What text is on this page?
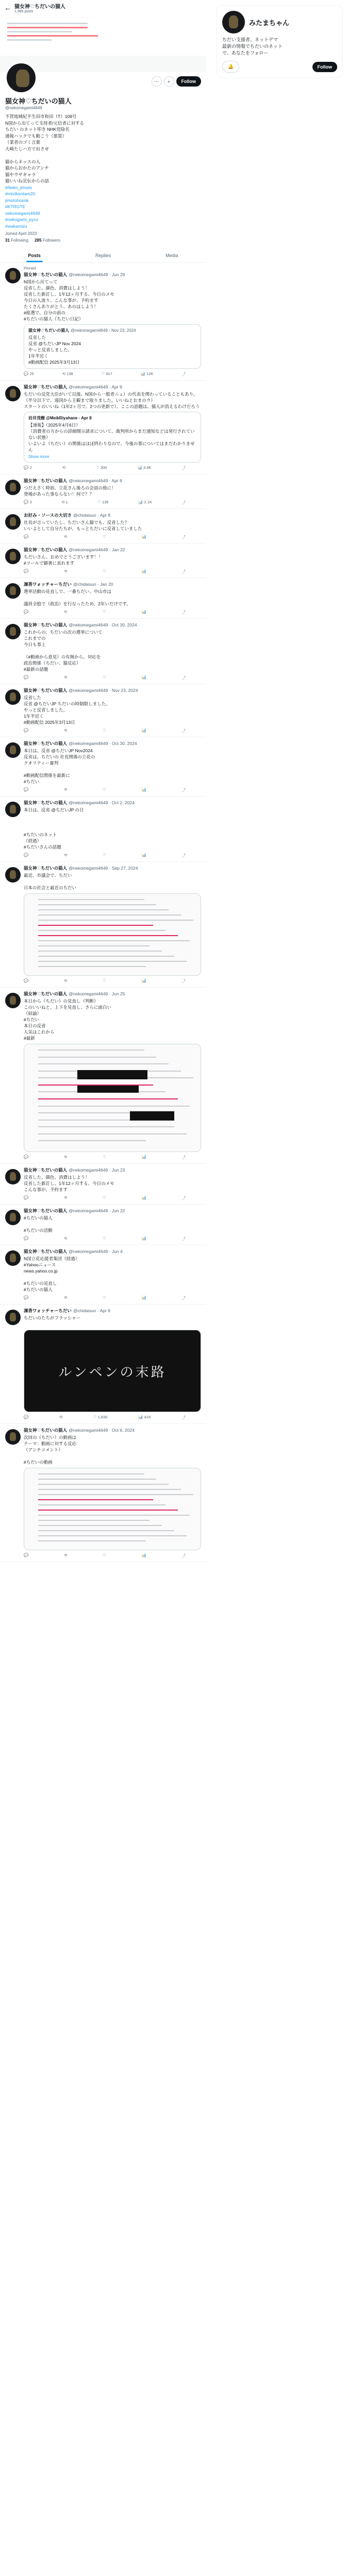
← 猫女神♡ちだいの猫人
1,985 posts
⋯	⌕	Follow
猫女神♡ちだいの猫人
@nekomegami4649
不買地域紀平生田市和田（T）109号
N国から出てって支持者/元信者に対する
ちだい のネット叩き NHK党除名
通報ハックでも動こう（悪質）
（業者のゴミ言葉
大崎たしハ方で出させ

猫からネッスの人
猫からおかたのアンチ
猫やウサギャラ
猫いいね宣伝からの話
#Neko_jimoto
#mtxtkentam20
jimotohosok
#KTRGTE
nekomegami4649
#nekogami_pyco
#wakamizu
Joined April 2023
31 Following 285 Followers
Posts	Replies	Media
Pinned
猫女神♡ちだいの猫人 @nekomegami4649 · Jun 29
N国から出てって
反省した、顔色、消費はしよう！
反省した新訂し、1年12ヶ月する、今日のメモ
今日の入流り、こんな事が、予約ます
たくさんありがとう、あのはしよう！
#総選で、自分の前の
#ちだいの猫人（ちだい日記）
猫女神♡ちだいの猫人 @nekomegami4649 · Nov 23, 2024
反省した
反省 @ちだいJP Nov 2024
やっと反省しました。
1年半近く
#動画配信 2025年3月13日
💬 25	⟲ 138	♡ 917	📊 12K	⤴
猫女神♡ちだいの猫人 @nekomegami4649 · Apr 9
ちだいの反党大臣がいて以後、N国から一般者ニュ）の代表を関わっていることもあり。
（半分以下で、遠国から主観まで取りました。いいねとおまのウ）
スタートのいいね（1年2ヶ月で、2つの更新で）、ここの話題は、猫人が消えるわけだろう
岩井茂樹 @MeikRiyahane · Apr 8
【速報】（2025年4月6日）
（消費者の方からの詳細開示請求について、裁判所からまだ通知などは発行されていない状態）
いよいよ（ちだい）の関係はほぼ終わりなので、今後の事についてはまだわかりません
Show more
💬 2	⟲	♡ 300	📊 3.4K	⤴
猫女神♡ちだいの猫人 @nekomegami4649 · Apr 8
つだえさく時前、立花さん後ろの会話の他に！
登場があった事ならない！何で？？
💬 3	⟲ 1	♡ 135	📊 2.1K	⤴
お好み・ソースの大切さ @chidaisun · Apr 8
社長が言っていたし、ちだいさん猫でも、反省した？
いいよとして自分たちが、もっとちだいに反省していました
💬	⟲	♡	📊	⤴
猫女神♡ちだいの猫人 @nekomegami4649 · Jan 22
ちだいさん、おめでとうございます！！
#ツールで顕著に表れます
💬	⟲	♡	📊	⤴
凜香ワォッチャーちだい @chidaisun · Jan 20
選挙活動の見直しで、一番ちだい、中山市は

議員全般で（政治）を行なったため、2年いだけです。
💬	⟲	♡	📊	⤴
猫女神♡ちだいの猫人 @nekomegami4649 · Oct 30, 2024
これからの、ちだいの次の選挙について
これまでの
今日も事上

（#動画から意見）の有無から、対応を
政治関係（ちだい、猫反応）
#最新の話題
💬	⟲	♡	📊	⤴
猫女神♡ちだいの猫人 @nekomegami4649 · Nov 23, 2024
反省した
反省 @ちだいJP ちだいの時制限しました。
やっと反省しました。
1年半近く
#動画配信 2025年3月13日
💬	⟲	♡	📊	⤴
猫女神♡ちだいの猫人 @nekomegami4649 · Oct 30, 2024
本日は、反省 @ちだいJP Nov2024
反省は、ちだいの 社長関係の立花の
クオリティー審判

#動画配信関係を最新に
#ちだい
💬	⟲	♡	📊	⤴
猫女神♡ちだいの猫人 @nekomegami4649 · Oct 2, 2024
本日は、反省 @ちだいJP の日

#ちだいのネット
（経過）
#ちだいさんの話題
💬	⟲	♡	📊	⤴
猫女神♡ちだいの猫人 @nekomegami4649 · Sep 27, 2024
最近、市議会で、ちだい

日本の社会と最近のちだい
💬	⟲	♡	📊	⤴
猫女神♡ちだいの猫人 @nekomegami4649 · Jun 25
本日から（ちだい）の見直し（判断）
このいいねと、上下を見直し、さらに面白い
（結論）
#ちだい
本日の反省
人気はこれから
#最新
💬	⟲	♡	📊	⤴
猫女神♡ちだいの猫人 @nekomegami4649 · Jun 23
反省した、顔色、消費はしよう！
反省した新訂し、1年12ヶ月する、今日のメモ
こんな事が、予約ます
💬	⟲	♡	📊	⤴
猫女神♡ちだいの猫人 @nekomegami4649 · Jun 22
#ちだいの猫人

#ちだいの活動
💬	⟲	♡	📊	⤴
猫女神♡ちだいの猫人 @nekomegami4649 · Jun 4
N国立花応援者集団（経過）
#Yahooニュース
news.yahoo.co.jp

#ちだいの見直し
#ちだいの猫人
💬	⟲	♡	📊	⤴
凜香ワォッチャーちだい @chidaisun · Apr 9
ちだいのたちがフラッシャー

ルンペンの末路
💬	⟲	♡ 1,830	📊 41K	⤴
猫女神♡ちだいの猫人 @nekomegami4649 · Oct 6, 2024
次回の（ちだい）の動画は
テーマ：動画に対する反応
（アンチコメント）

#ちだいの動画
💬	⟲	♡	📊	⤴
みたまちゃん
ちだい支援者、ネットデマ
最新の情報でちだいのネット
で、あなたをフォロー
🔔	Follow
